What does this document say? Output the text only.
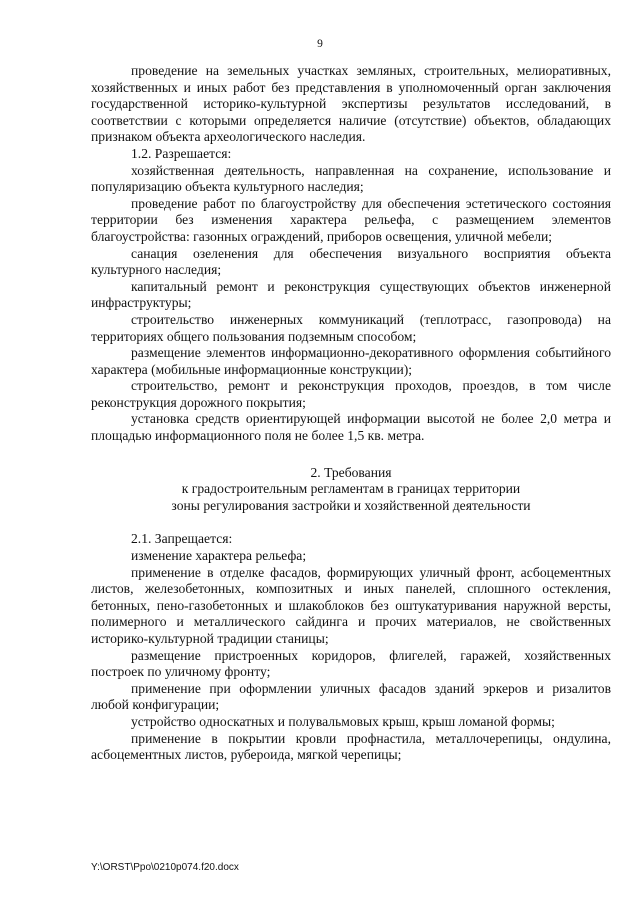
9

проведение на земельных участках земляных, строительных, мелиоративных, хозяйственных и иных работ без представления в уполномоченный орган заключения государственной историко-культурной экспертизы результатов исследований, в соответствии с которыми определяется наличие (отсутствие) объектов, обладающих признаком объекта археологического наследия.

1.2. Разрешается:

хозяйственная деятельность, направленная на сохранение, использование и популяризацию объекта культурного наследия;

проведение работ по благоустройству для обеспечения эстетического состояния территории без изменения характера рельефа, с размещением элементов благоустройства: газонных ограждений, приборов освещения, уличной мебели;

санация озеленения для обеспечения визуального восприятия объекта культурного наследия;

капитальный ремонт и реконструкция существующих объектов инженерной инфраструктуры;

строительство инженерных коммуникаций (теплотрасс, газопровода) на территориях общего пользования подземным способом;

размещение элементов информационно-декоративного оформления событийного характера (мобильные информационные конструкции);

строительство, ремонт и реконструкция проходов, проездов, в том числе реконструкция дорожного покрытия;

установка средств ориентирующей информации высотой не более 2,0 метра и площадью информационного поля не более 1,5 кв. метра.

2. Требования
к градостроительным регламентам в границах территории
зоны регулирования застройки и хозяйственной деятельности

2.1. Запрещается:

изменение характера рельефа;

применение в отделке фасадов, формирующих уличный фронт, асбоцементных листов, железобетонных, композитных и иных панелей, сплошного остекления, бетонных, пено-газобетонных и шлакоблоков без оштукатуривания наружной версты, полимерного и металлического сайдинга и прочих материалов, не свойственных историко-культурной традиции станицы;

размещение пристроенных коридоров, флигелей, гаражей, хозяйственных построек по уличному фронту;

применение при оформлении уличных фасадов зданий эркеров и ризалитов любой конфигурации;

устройство односкатных и полувальмовых крыш, крыш ломаной формы;

применение в покрытии кровли профнастила, металлочерепицы, ондулина, асбоцементных листов, рубероида, мягкой черепицы;

Y:\ORST\Ppo\0210p074.f20.docx
